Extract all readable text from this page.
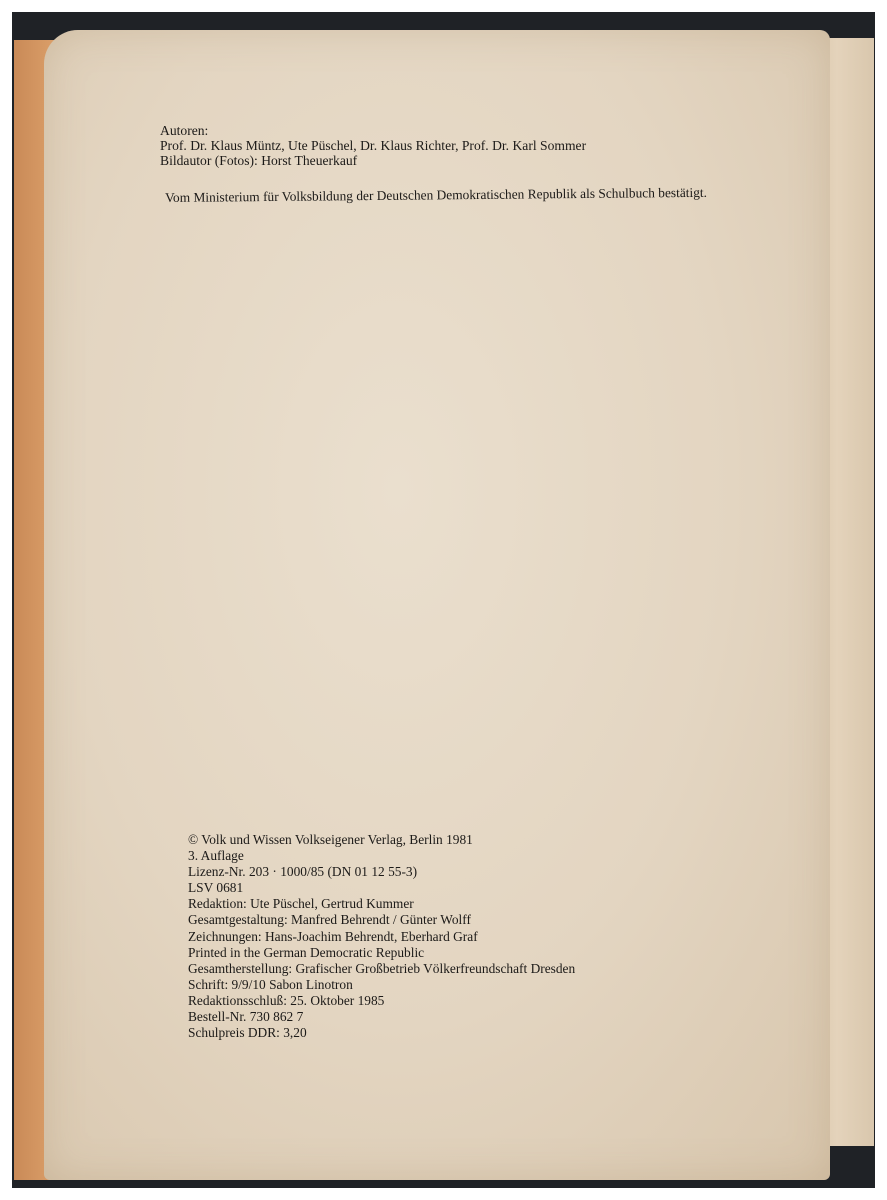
Autoren:
Prof. Dr. Klaus Müntz, Ute Püschel, Dr. Klaus Richter, Prof. Dr. Karl Sommer
Bildautor (Fotos): Horst Theuerkauf
Vom Ministerium für Volksbildung der Deutschen Demokratischen Republik als Schulbuch bestätigt.
© Volk und Wissen Volkseigener Verlag, Berlin 1981
3. Auflage
Lizenz-Nr. 203 · 1000/85 (DN 01 12 55-3)
LSV 0681
Redaktion: Ute Püschel, Gertrud Kummer
Gesamtgestaltung: Manfred Behrendt / Günter Wolff
Zeichnungen: Hans-Joachim Behrendt, Eberhard Graf
Printed in the German Democratic Republic
Gesamtherstellung: Grafischer Großbetrieb Völkerfreundschaft Dresden
Schrift: 9/9/10 Sabon Linotron
Redaktionsschluß: 25. Oktober 1985
Bestell-Nr. 730 862 7
Schulpreis DDR: 3,20
